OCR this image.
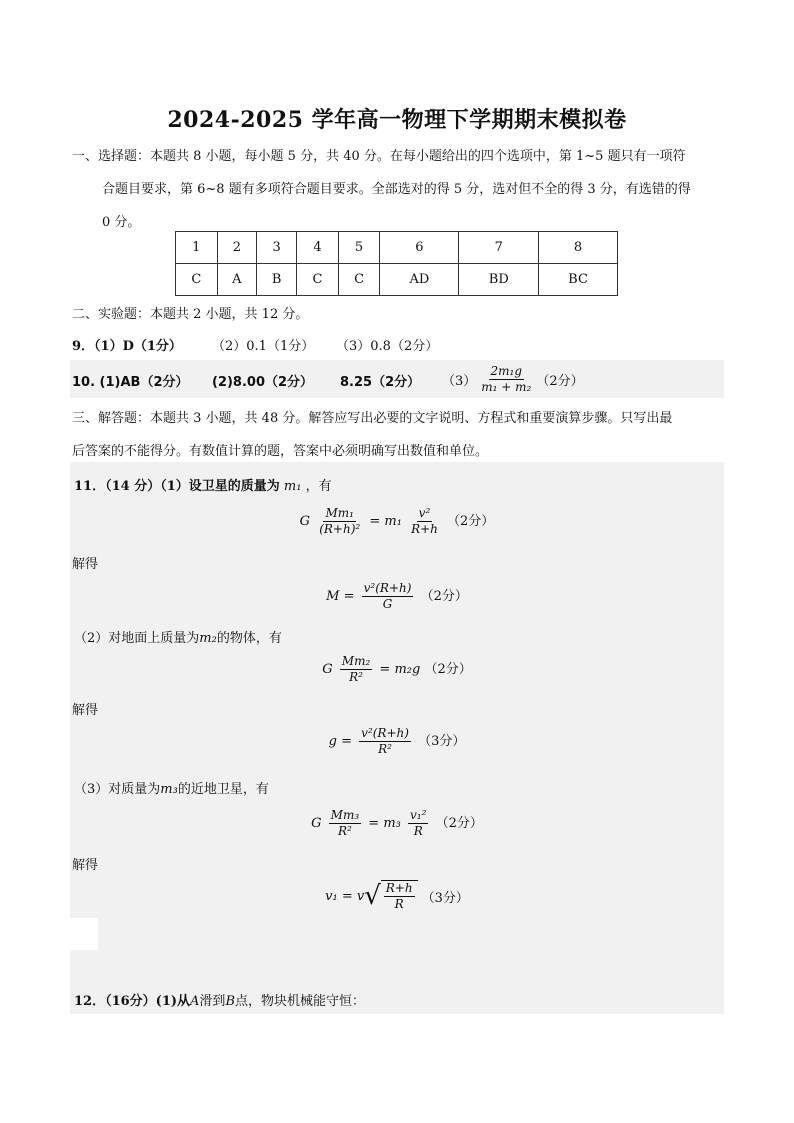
2024-2025 学年高一物理下学期期末模拟卷
一、选择题：本题共 8 小题，每小题 5 分，共 40 分。在每小题给出的四个选项中，第 1~5 题只有一项符
合题目要求，第 6~8 题有多项符合题目要求。全部选对的得 5 分，选对但不全的得 3 分，有选错的得
0 分。
1	2	3	4	5	6	7	8
C	A	B	C	C	AD	BD	BC
二、实验题：本题共 2 小题，共 12 分。
9．（1）D（1分） （2）0.1（1分） （3）0.8（2分）
10. (1)AB（2分） (2)8.00（2分） 8.25（2分） $(3) \frac{\text{2m₁g}}{\text{m₁ + m₂}} (2$分）
三、解答题：本题共 3 小题，共 48 分。解答应写出必要的文字说明、方程式和重要演算步骤。只写出最
后答案的不能得分。有数值计算的题，答案中必须明确写出数值和单位。
11．（14 分）（1）设卫星的质量为 m₁ ，有
G $\frac{\text{Mm₁}}{\text{(R+h)²}} = m_1 \frac{\text{v²}}{R+h} (2$分）
解得
$M = \frac{\text{v²(R+h)}}{G} (2$分）
（2）对地面上质量为m₂的物体，有
G $\frac{\text{Mm₂}}{\text{R²}} = m_2g$ （2分）
解得
$g = \frac{\text{v²(R+h)}}{\text{R²}} (3$分）
（3）对质量为m₃的近地卫星，有
G $\frac{\text{Mm₃}}{\text{R²}} = m_3 \frac{\text{v₁²}}{R} (2$分）
解得
v₁ = v √ $\frac{R+h}{R} (3$分）
12．（16分）(1)从A滑到B点，物块机械能守恒：
